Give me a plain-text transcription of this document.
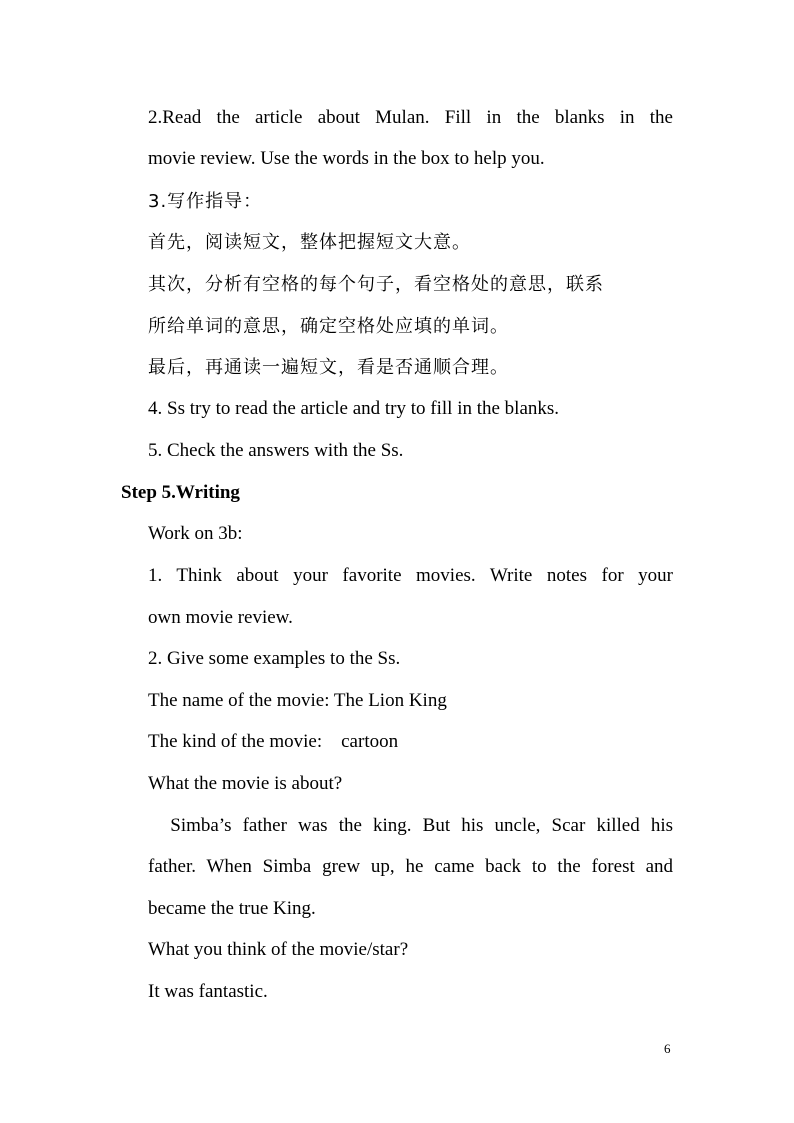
2.Read the article about Mulan. Fill in the blanks in the
movie review. Use the words in the box to help you.
3.写作指导：
首先，阅读短文，整体把握短文大意。
其次，分析有空格的每个句子，看空格处的意思，联系
所给单词的意思，确定空格处应填的单词。
最后，再通读一遍短文，看是否通顺合理。
4. Ss try to read the article and try to fill in the blanks.
5. Check the answers with the Ss.
Step 5.Writing
Work on 3b:
1. Think about your favorite movies. Write notes for your
own movie review.
2. Give some examples to the Ss.
The name of the movie: The Lion King
The kind of the movie:    cartoon
What the movie is about?
Simba’s father was the king. But his uncle, Scar killed his
father. When Simba grew up, he came back to the forest and
became the true King.
What you think of the movie/star?
It was fantastic.
6
